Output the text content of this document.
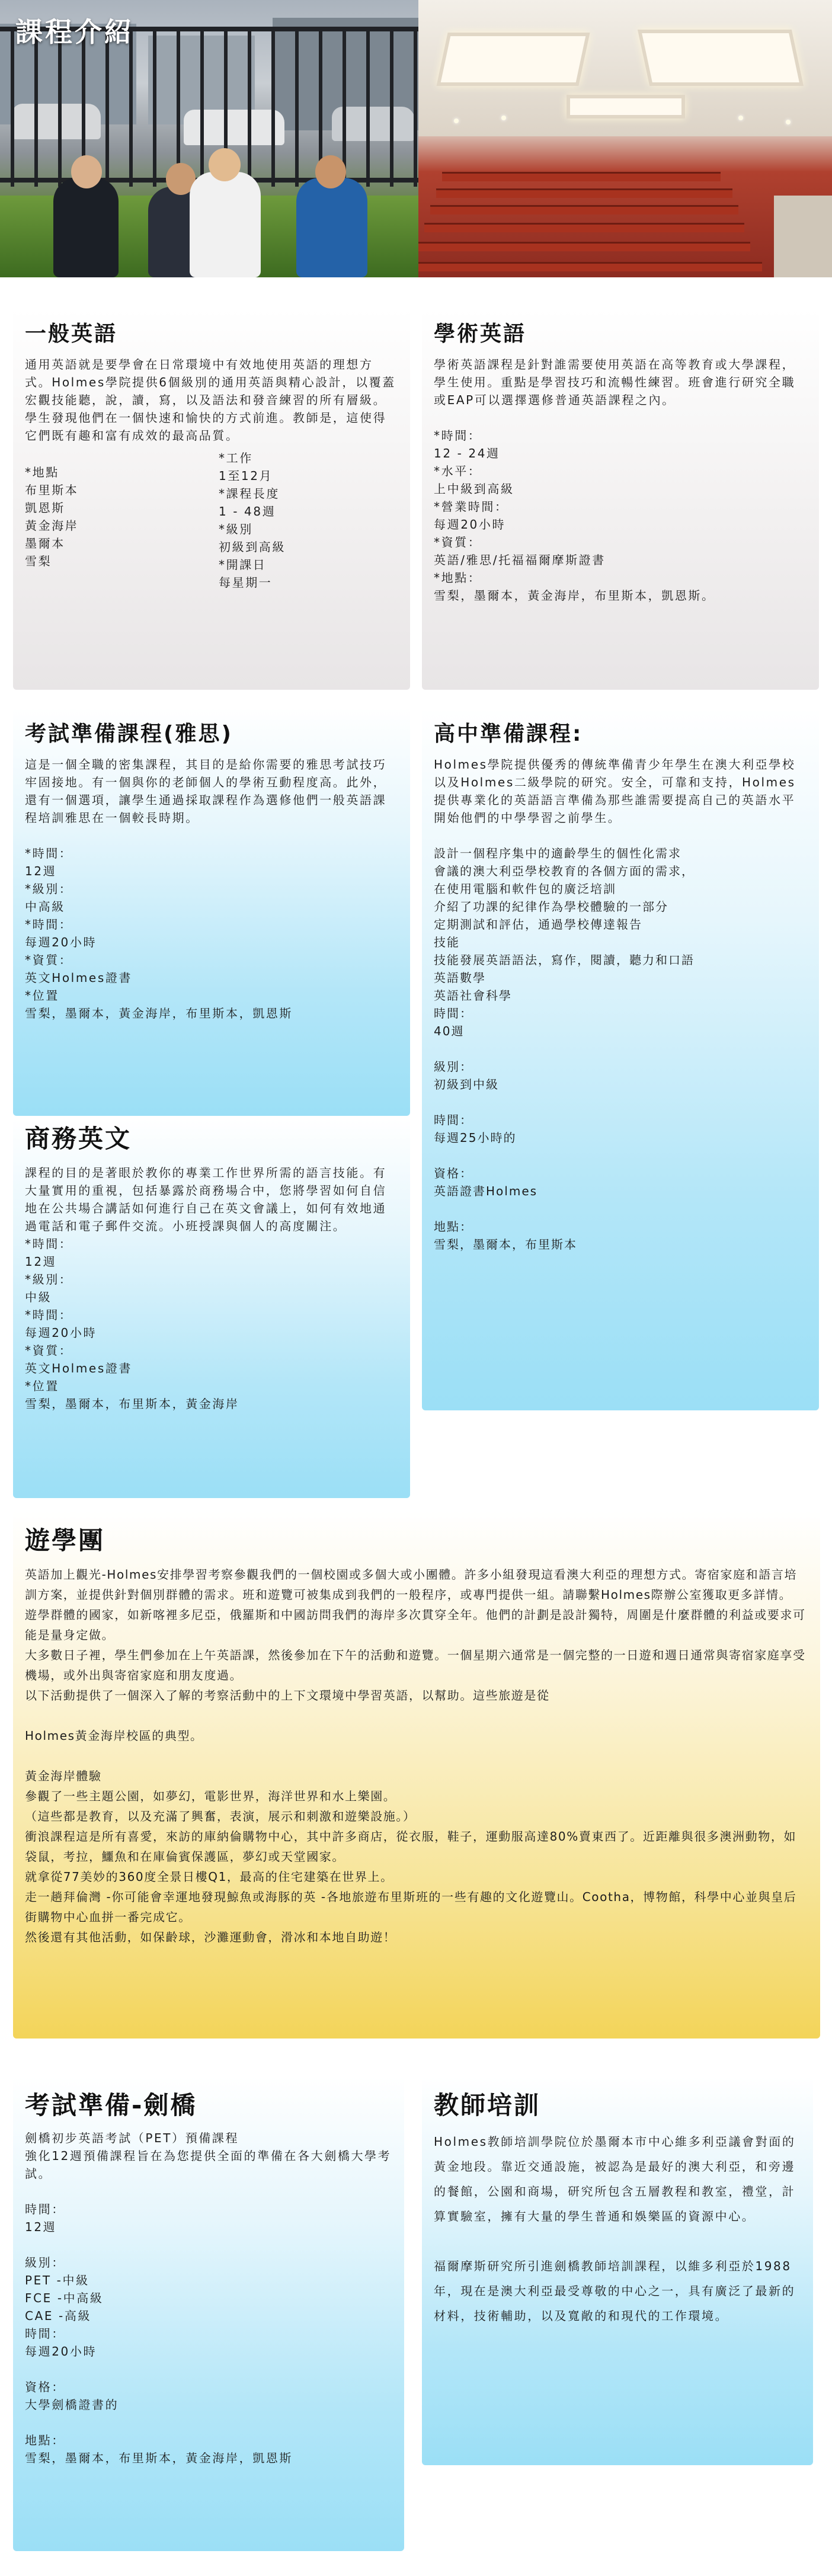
課程介紹
一般英語
通用英語就是要學會在日常環境中有效地使用英語的理想方式。Holmes學院提供6個級別的通用英語與精心設計，以覆蓋宏觀技能聽，說，讀，寫，以及語法和發音練習的所有層級。學生發現他們在一個快速和愉快的方式前進。教師是，這使得它們既有趣和富有成效的最高品質。
*地點
布里斯本
凱恩斯
黃金海岸
墨爾本
雪梨
*工作
1至12月
*課程長度
1 - 48週
*級別
初級到高級
*開課日
每星期一
學術英語
學術英語課程是針對誰需要使用英語在高等教育或大學課程，學生使用。重點是學習技巧和流暢性練習。班會進行研究全職或EAP可以選擇選修普通英語課程之內。
*時間：
12 - 24週
*水平：
上中級到高級
*營業時間：
每週20小時
*資質：
英語/雅思/托福福爾摩斯證書
*地點：
雪梨，墨爾本，黃金海岸，布里斯本，凱恩斯。
考試準備課程(雅思)
這是一個全職的密集課程，其目的是給你需要的雅思考試技巧牢固接地。有一個與你的老師個人的學術互動程度高。此外，還有一個選項，讓學生通過採取課程作為選修他們一般英語課程培訓雅思在一個較長時期。
*時間：
12週
*級別：
中高級
*時間：
每週20小時
*資質：
英文Holmes證書
*位置
雪梨，墨爾本，黃金海岸，布里斯本，凱恩斯
高中準備課程:
Holmes學院提供優秀的傳統準備青少年學生在澳大利亞學校以及Holmes二級學院的研究。安全，可靠和支持，Holmes提供專業化的英語語言準備為那些誰需要提高自己的英語水平開始他們的中學學習之前學生。
設計一個程序集中的適齡學生的個性化需求
會議的澳大利亞學校教育的各個方面的需求，
在使用電腦和軟件包的廣泛培訓
介紹了功課的紀律作為學校體驗的一部分
定期測試和評估，通過學校傳達報告
技能
技能發展英語語法，寫作，閱讀，聽力和口語
英語數學
英語社會科學
時間：
40週

級別：
初級到中級

時間：
每週25小時的

資格：
英語證書Holmes

地點：
雪梨，墨爾本，布里斯本
商務英文
課程的目的是著眼於教你的專業工作世界所需的語言技能。有大量實用的重視，包括暴露於商務場合中，您將學習如何自信地在公共場合講話如何進行自己在英文會議上，如何有效地通過電話和電子郵件交流。小班授課與個人的高度關注。
*時間：
12週
*級別：
中級
*時間：
每週20小時
*資質：
英文Holmes證書
*位置
雪梨，墨爾本，布里斯本，黃金海岸
遊學團
英語加上觀光-Holmes安排學習考察參觀我們的一個校園或多個大或小團體。許多小組發現這看澳大利亞的理想方式。寄宿家庭和語言培訓方案，並提供針對個別群體的需求。班和遊覽可被集成到我們的一般程序，或專門提供一組。請聯繫Holmes際辦公室獲取更多詳情。
遊學群體的國家，如新喀裡多尼亞，俄羅斯和中國訪問我們的海岸多次貫穿全年。他們的計劃是設計獨特，周圍是什麼群體的利益或要求可能是量身定做。
大多數日子裡，學生們參加在上午英語課，然後參加在下午的活動和遊覽。一個星期六通常是一個完整的一日遊和週日通常與寄宿家庭享受機場，或外出與寄宿家庭和朋友度過。
以下活動提供了一個深入了解的考察活動中的上下文環境中學習英語，以幫助。這些旅遊是從

Holmes黃金海岸校區的典型。

黃金海岸體驗
參觀了一些主題公園，如夢幻，電影世界，海洋世界和水上樂園。
（這些都是教育，以及充滿了興奮，表演，展示和刺激和遊樂設施。）
衝浪課程這是所有喜愛，來訪的庫納倫購物中心，其中許多商店，從衣服，鞋子，運動服高達80%賣東西了。近距離與很多澳洲動物，如袋鼠，考拉，鱷魚和在庫倫賓保護區，夢幻或天堂國家。
就拿從77美妙的360度全景日樓Q1，最高的住宅建築在世界上。
走一趟拜倫灣 -你可能會幸運地發現鯨魚或海豚的英 -各地旅遊布里斯班的一些有趣的文化遊覽山。Cootha，博物館，科學中心並與皇后街購物中心血拼一番完成它。
然後還有其他活動，如保齡球，沙灘運動會，滑冰和本地自助遊！
考試準備-劍橋
劍橋初步英語考試（PET）預備課程
強化12週預備課程旨在為您提供全面的準備在各大劍橋大學考試。
時間：
12週

級別：
PET -中級
FCE -中高級
CAE -高級
時間：
每週20小時

資格：
大學劍橋證書的

地點：
雪梨，墨爾本，布里斯本，黃金海岸，凱恩斯
教師培訓
Holmes教師培訓學院位於墨爾本市中心維多利亞議會對面的黃金地段。靠近交通設施，被認為是最好的澳大利亞，和旁邊的餐館，公園和商場，研究所包含五層教程和教室，禮堂，計算實驗室，擁有大量的學生普通和娛樂區的資源中心。

福爾摩斯研究所引進劍橋教師培訓課程，以維多利亞於1988年，現在是澳大利亞最受尊敬的中心之一，具有廣泛了最新的材料，技術輔助，以及寬敞的和現代的工作環境。
